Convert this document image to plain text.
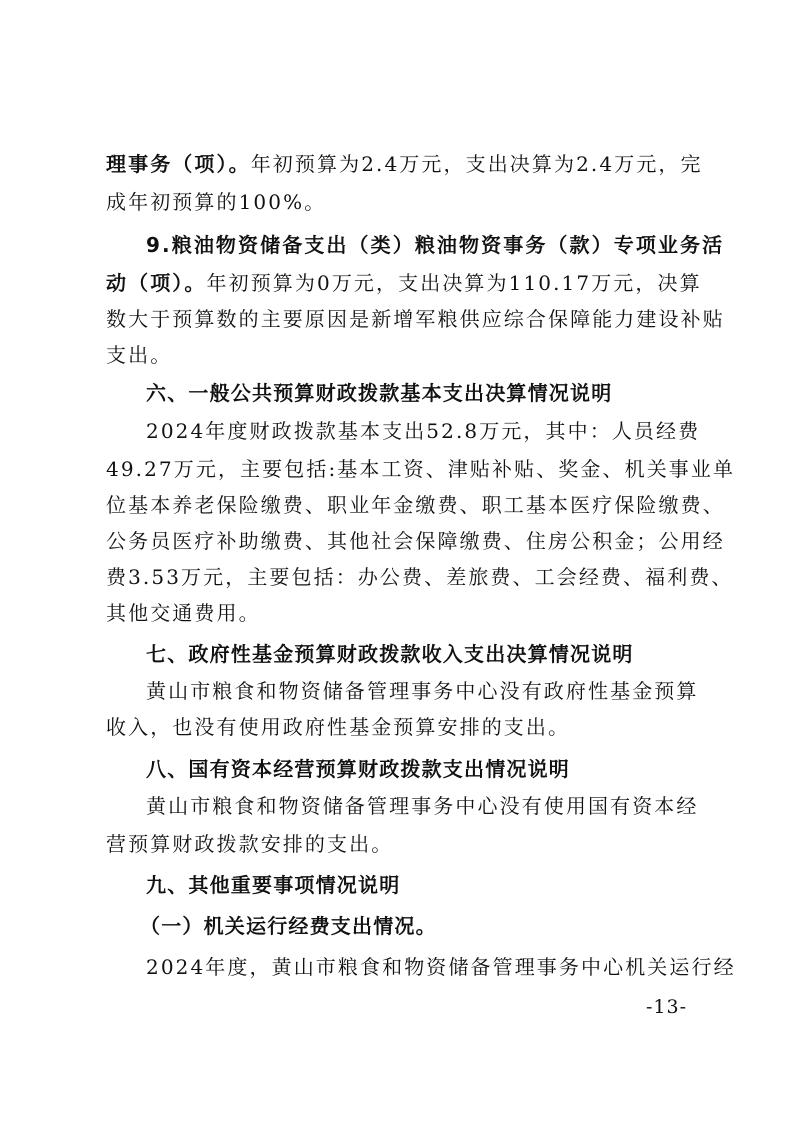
理事务（项）。年初预算为2.4万元，支出决算为2.4万元，完
成年初预算的100%。
9.粮油物资储备支出（类）粮油物资事务（款）专项业务活
动（项）。年初预算为0万元，支出决算为110.17万元，决算
数大于预算数的主要原因是新增军粮供应综合保障能力建设补贴
支出。
六、一般公共预算财政拨款基本支出决算情况说明
2024年度财政拨款基本支出52.8万元，其中：人员经费
49.27万元，主要包括:基本工资、津贴补贴、奖金、机关事业单
位基本养老保险缴费、职业年金缴费、职工基本医疗保险缴费、
公务员医疗补助缴费、其他社会保障缴费、住房公积金；公用经
费3.53万元，主要包括：办公费、差旅费、工会经费、福利费、
其他交通费用。
七、政府性基金预算财政拨款收入支出决算情况说明
黄山市粮食和物资储备管理事务中心没有政府性基金预算
收入，也没有使用政府性基金预算安排的支出。
八、国有资本经营预算财政拨款支出情况说明
黄山市粮食和物资储备管理事务中心没有使用国有资本经
营预算财政拨款安排的支出。
九、其他重要事项情况说明
（一）机关运行经费支出情况。
2024年度，黄山市粮食和物资储备管理事务中心机关运行经
-13-
